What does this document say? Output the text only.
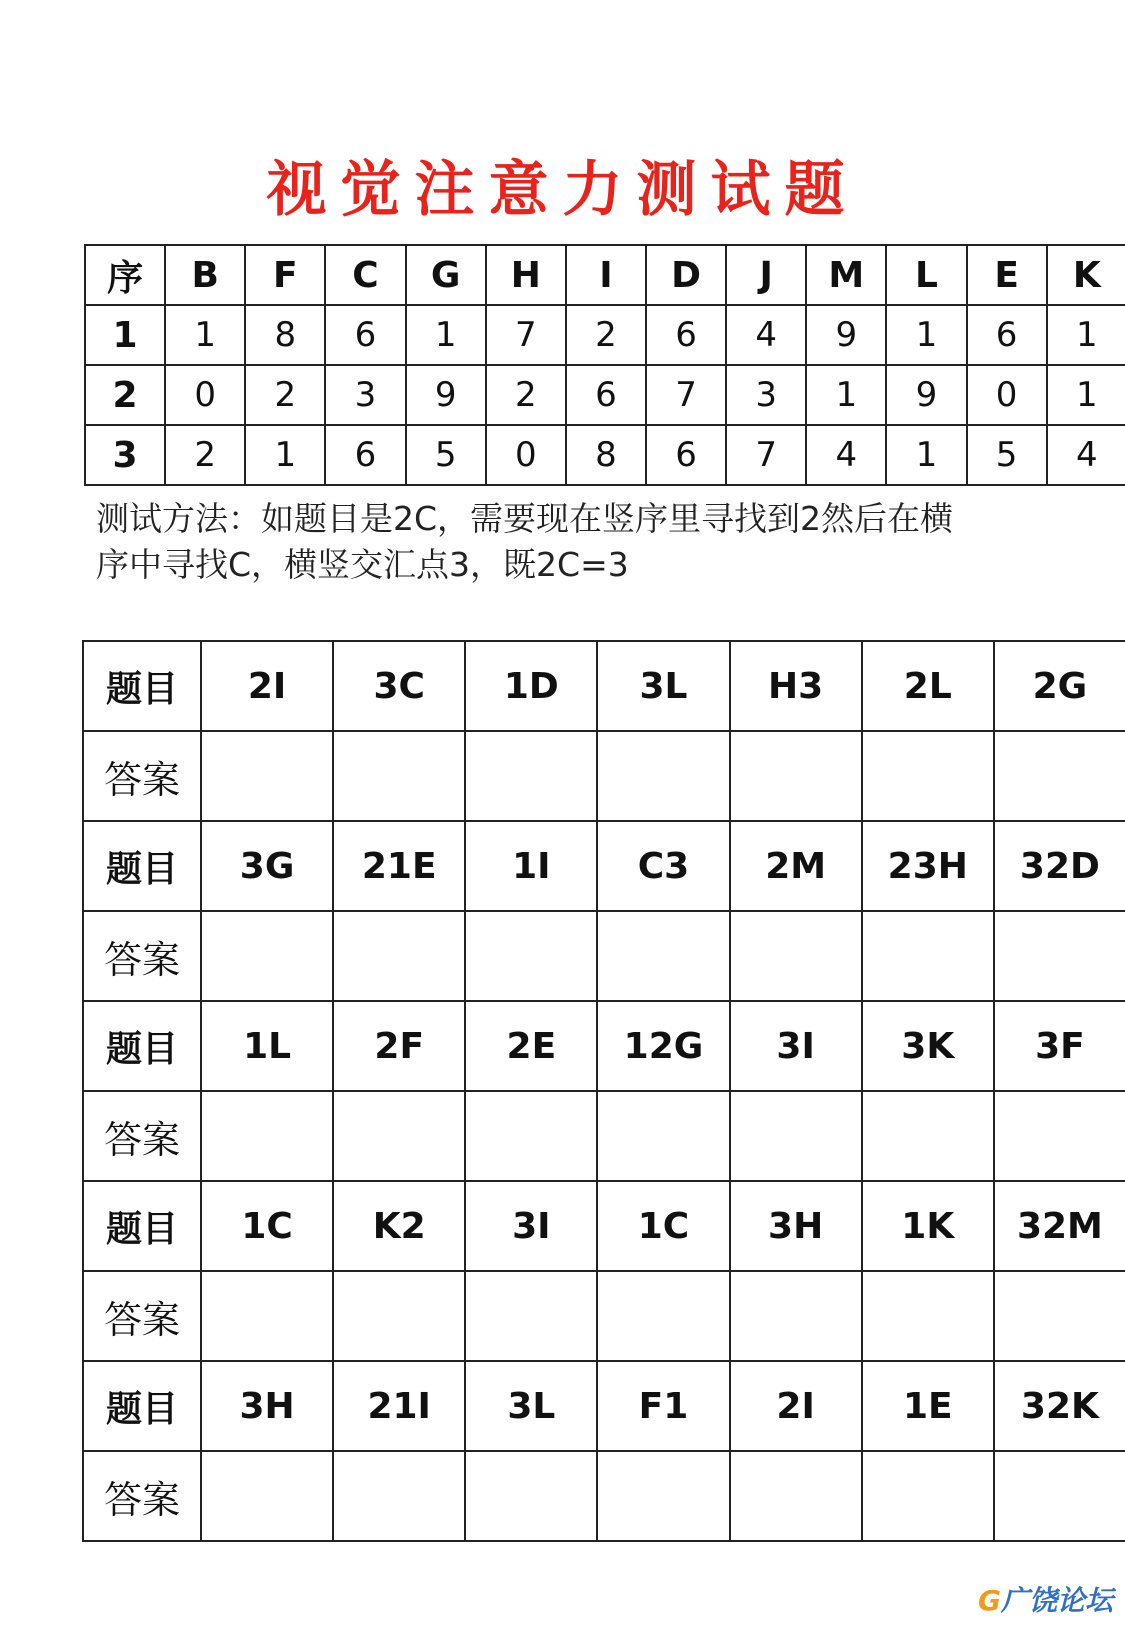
视觉注意力测试题
序	B	F	C	G	H	I	D	J	M	L	E	K
1	1	8	6	1	7	2	6	4	9	1	6	1
2	0	2	3	9	2	6	7	3	1	9	0	1
3	2	1	6	5	0	8	6	7	4	1	5	4

测试方法：如题目是2C，需要现在竖序里寻找到2然后在横
序中寻找C，横竖交汇点3，既2C=3

题目	2I	3C	1D	3L	H3	2L	2G
答案							
题目	3G	21E	1I	C3	2M	23H	32D
答案							
题目	1L	2F	2E	12G	3I	3K	3F
答案							
题目	1C	K2	3I	1C	3H	1K	32M
答案							
题目	3H	21I	3L	F1	2I	1E	32K
答案							
G广饶论坛
